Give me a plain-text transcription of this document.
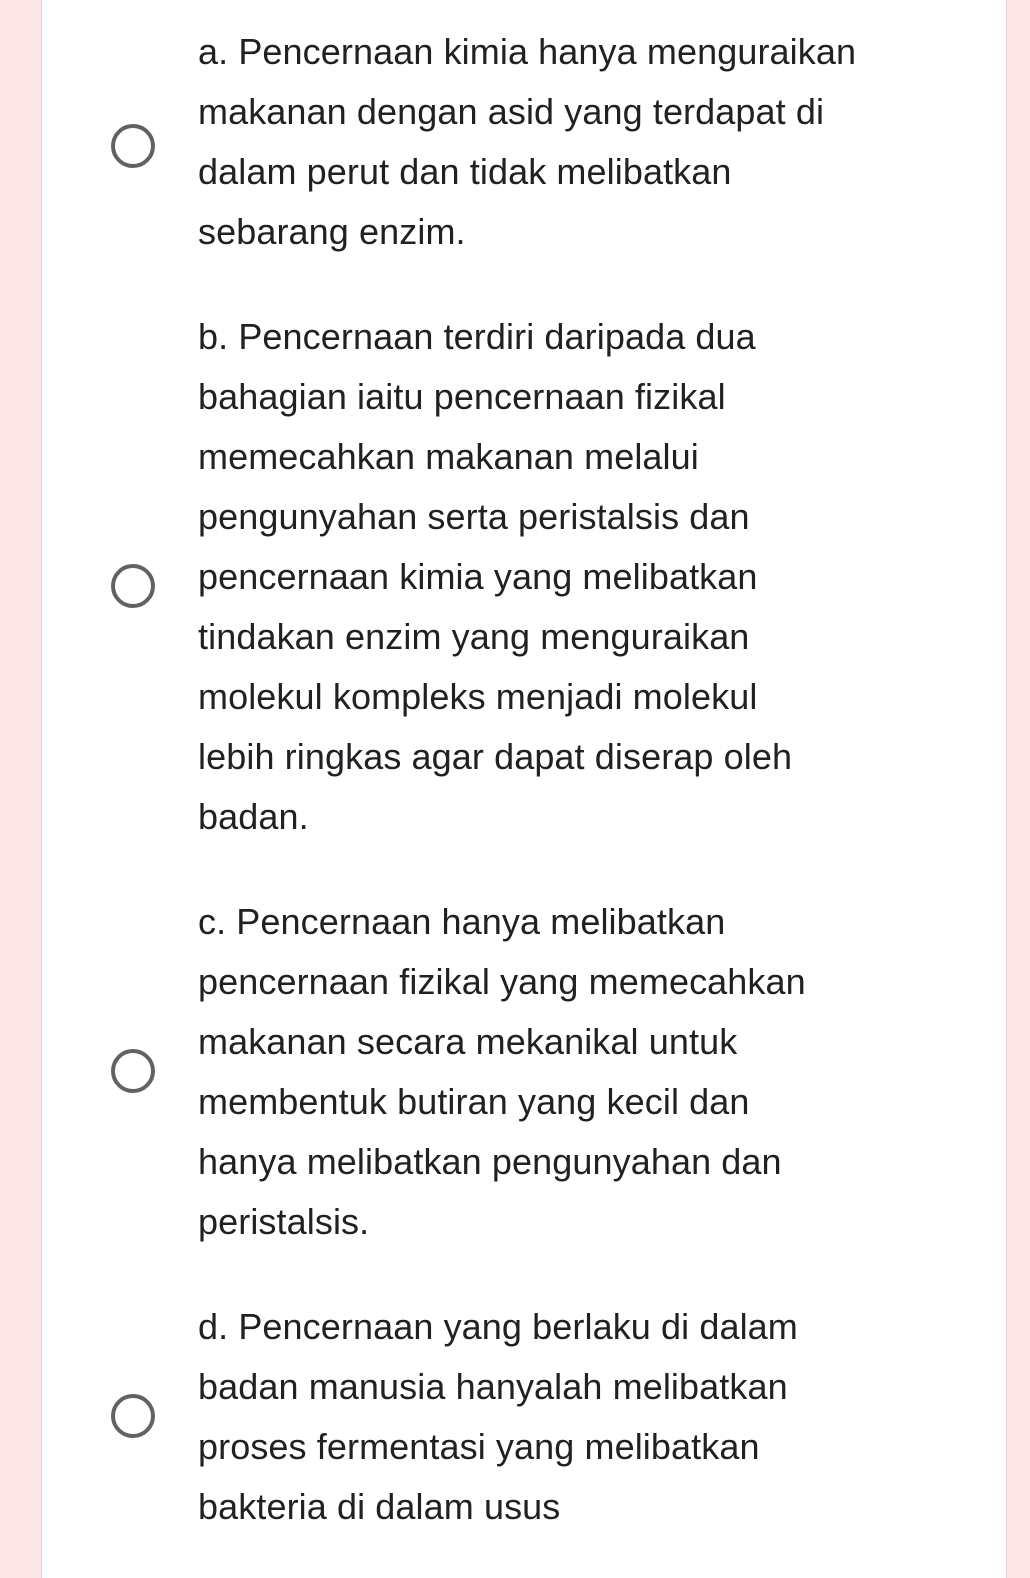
a. Pencernaan kimia hanya menguraikan
makanan dengan asid yang terdapat di
dalam perut dan tidak melibatkan
sebarang enzim.

b. Pencernaan terdiri daripada dua
bahagian iaitu pencernaan fizikal
memecahkan makanan melalui
pengunyahan serta peristalsis dan
pencernaan kimia yang melibatkan
tindakan enzim yang menguraikan
molekul kompleks menjadi molekul
lebih ringkas agar dapat diserap oleh
badan.

c. Pencernaan hanya melibatkan
pencernaan fizikal yang memecahkan
makanan secara mekanikal untuk
membentuk butiran yang kecil dan
hanya melibatkan pengunyahan dan
peristalsis.

d. Pencernaan yang berlaku di dalam
badan manusia hanyalah melibatkan
proses fermentasi yang melibatkan
bakteria di dalam usus
